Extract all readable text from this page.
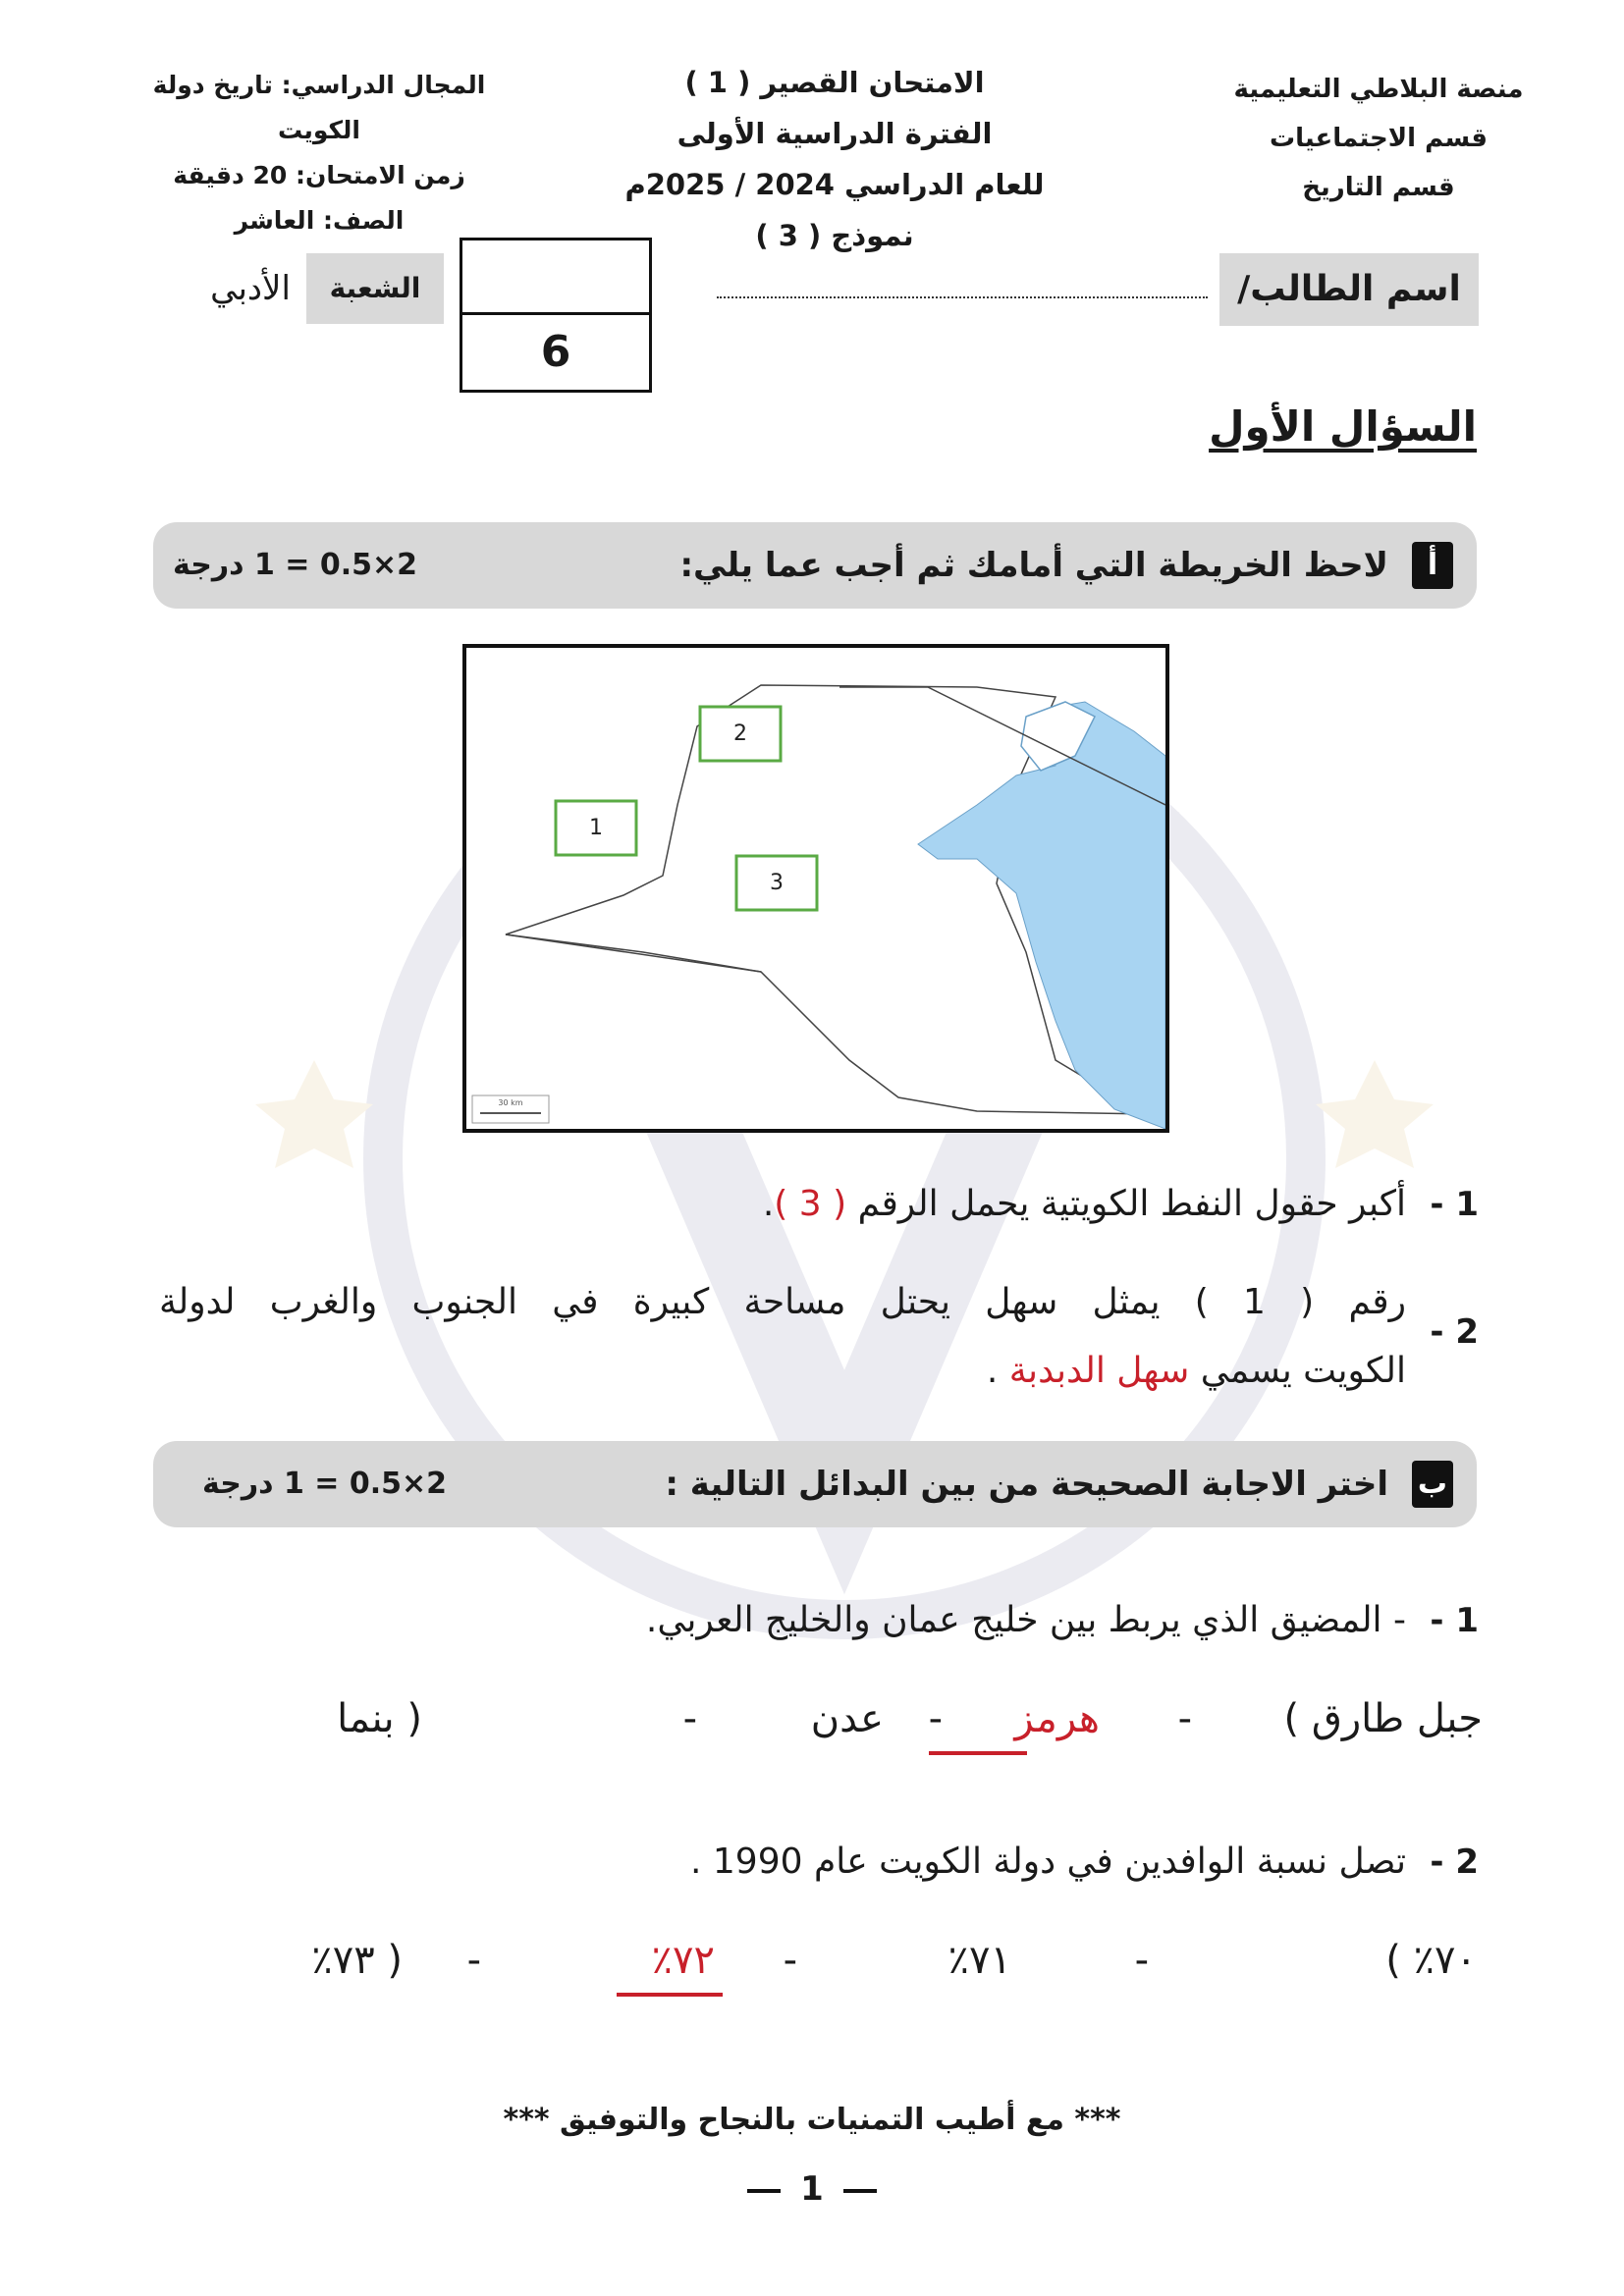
منصة البلاطي التعليمية
قسم الاجتماعيات
قسم التاريخ
الامتحان القصير ( 1 )
الفترة الدراسية الأولى
للعام الدراسي 2024 / 2025م
نموذج ( 3 )
المجال الدراسي: تاريخ دولة
الكويت
زمن الامتحان: 20 دقيقة
الصف: العاشر
اسم الطالب/
6
الشعبة
الأدبي
السؤال الأول
أ
لاحظ الخريطة التي أمامك ثم أجب عما يلي:
2×0.5 = 1 درجة
2
1
3
30 km
1 -
أكبر حقول النفط الكويتية يحمل الرقم ( 3 ).
2 -
رقم ( 1 ) يمثل سهل يحتل مساحة كبيرة في الجنوب والغرب لدولة
الكويت يسمي سهل الدبدبة .
ب
اختر الاجابة الصحيحة من بين البدائل التالية :
2×0.5 = 1 درجة
1 -
- المضيق الذي يربط بين خليج عمان والخليج العربي.
( جبل طارق
-
هرمز
-
عدن
-
بنما )
2 -
تصل نسبة الوافدين في دولة الكويت عام 1990 .
( ٪٧٠
-
٪٧١
-
٪٧٢
-
٪٧٣ )
*** مع أطيب التمنيات بالنجاح والتوفيق ***
1
